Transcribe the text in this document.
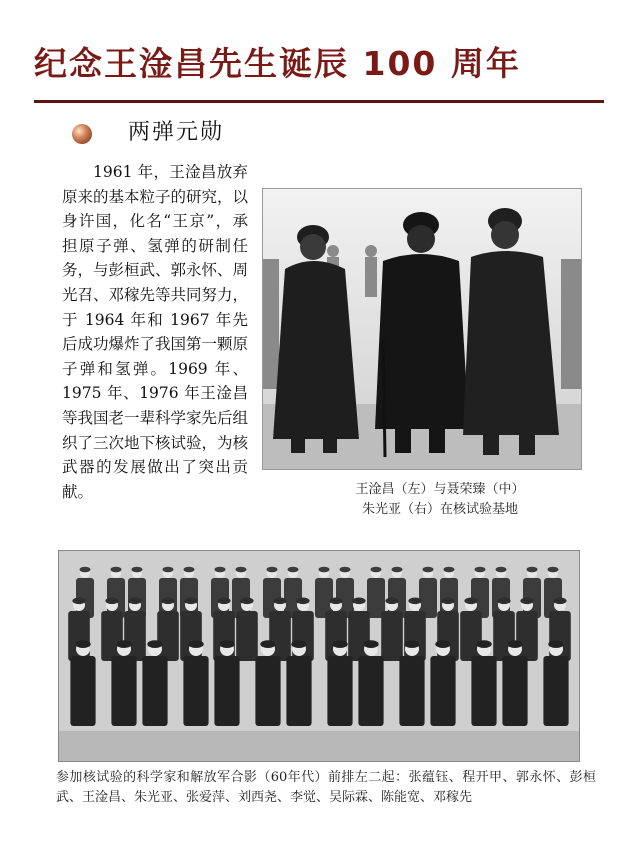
纪念王淦昌先生诞辰 100 周年
两弹元勋
1961 年，王淦昌放弃原来的基本粒子的研究，以身许国，化名“王京”，承担原子弹、氢弹的研制任务，与彭桓武、郭永怀、周光召、邓稼先等共同努力，于 1964 年和 1967 年先后成功爆炸了我国第一颗原子弹和氢弹。1969 年、1975 年、1976 年王淦昌等我国老一辈科学家先后组织了三次地下核试验，为核武器的发展做出了突出贡献。	王淦昌（左）与聂荣臻（中）
朱光亚（右）在核试验基地
参加核试验的科学家和解放军合影（60年代）前排左二起：张蕴钰、程开甲、郭永怀、彭桓武、王淦昌、朱光亚、张爱萍、刘西尧、李觉、吴际霖、陈能宽、邓稼先
